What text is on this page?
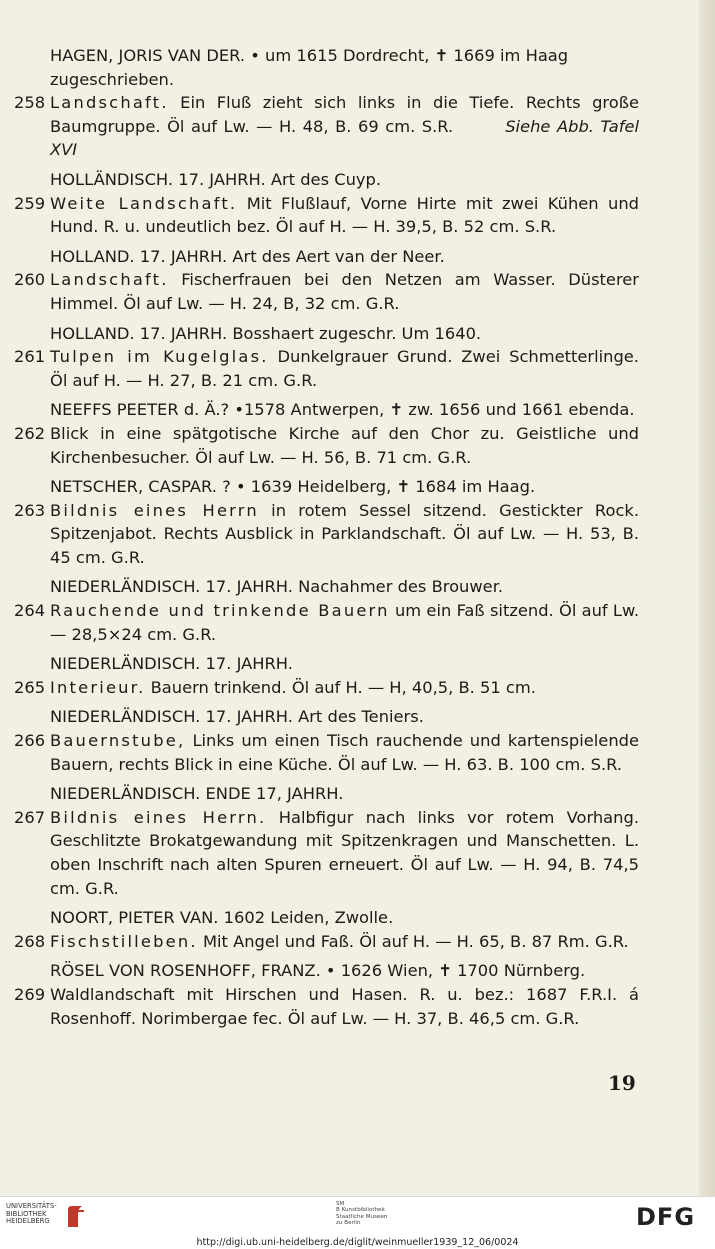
HAGEN, JORIS VAN DER. • um 1615 Dordrecht, ✝ 1669 im Haag zugeschrieben.
258 Landschaft. Ein Fluß zieht sich links in die Tiefe. Rechts große Baumgruppe. Öl auf Lw. — H. 48, B. 69 cm. S.R.	Siehe Abb. Tafel XVI
HOLLÄNDISCH. 17. JAHRH. Art des Cuyp.
259 Weite Landschaft. Mit Flußlauf, Vorne Hirte mit zwei Kühen und Hund. R. u. undeutlich bez. Öl auf H. — H. 39,5, B. 52 cm. S.R.
HOLLAND. 17. JAHRH. Art des Aert van der Neer.
260 Landschaft. Fischerfrauen bei den Netzen am Wasser. Düsterer Himmel. Öl auf Lw. — H. 24, B, 32 cm. G.R.
HOLLAND. 17. JAHRH. Bosshaert zugeschr. Um 1640.
261 Tulpen im Kugelglas. Dunkelgrauer Grund. Zwei Schmetterlinge. Öl auf H. — H. 27, B. 21 cm. G.R.
NEEFFS PEETER d. Ä.? •1578 Antwerpen, ✝ zw. 1656 und 1661 ebenda.
262 Blick in eine spätgotische Kirche auf den Chor zu. Geistliche und Kirchenbesucher. Öl auf Lw. — H. 56, B. 71 cm. G.R.
NETSCHER, CASPAR. ? • 1639 Heidelberg, ✝ 1684 im Haag.
263 Bildnis eines Herrn in rotem Sessel sitzend. Gestickter Rock. Spitzenjabot. Rechts Ausblick in Parklandschaft. Öl auf Lw. — H. 53, B. 45 cm. G.R.
NIEDERLÄNDISCH. 17. JAHRH. Nachahmer des Brouwer.
264 Rauchende und trinkende Bauern um ein Faß sitzend. Öl auf Lw. — 28,5×24 cm. G.R.
NIEDERLÄNDISCH. 17. JAHRH.
265 Interieur. Bauern trinkend. Öl auf H. — H, 40,5, B. 51 cm.
NIEDERLÄNDISCH. 17. JAHRH. Art des Teniers.
266 Bauernstube, Links um einen Tisch rauchende und kartenspielende Bauern, rechts Blick in eine Küche. Öl auf Lw. — H. 63. B. 100 cm. S.R.
NIEDERLÄNDISCH. ENDE 17, JAHRH.
267 Bildnis eines Herrn. Halbfigur nach links vor rotem Vorhang. Geschlitzte Brokatgewandung mit Spitzenkragen und Manschetten. L. oben Inschrift nach alten Spuren erneuert. Öl auf Lw. — H. 94, B. 74,5 cm. G.R.
NOORT, PIETER VAN. 1602 Leiden, Zwolle.
268 Fischstilleben. Mit Angel und Faß. Öl auf H. — H. 65, B. 87 Rm. G.R.
RÖSEL VON ROSENHOFF, FRANZ. • 1626 Wien, ✝ 1700 Nürnberg.
269 Waldlandschaft mit Hirschen und Hasen. R. u. bez.: 1687 F.R.I. á Rosenhoff. Norimbergae fec. Öl auf Lw. — H. 37, B. 46,5 cm. G.R.
19
UNIVERSITÄTS-
BIBLIOTHEK
HEIDELBERG
SM
B Kunstbibliothek
Staatliche Museen
zu Berlin	DFG
http://digi.ub.uni-heidelberg.de/diglit/weinmueller1939_12_06/0024
